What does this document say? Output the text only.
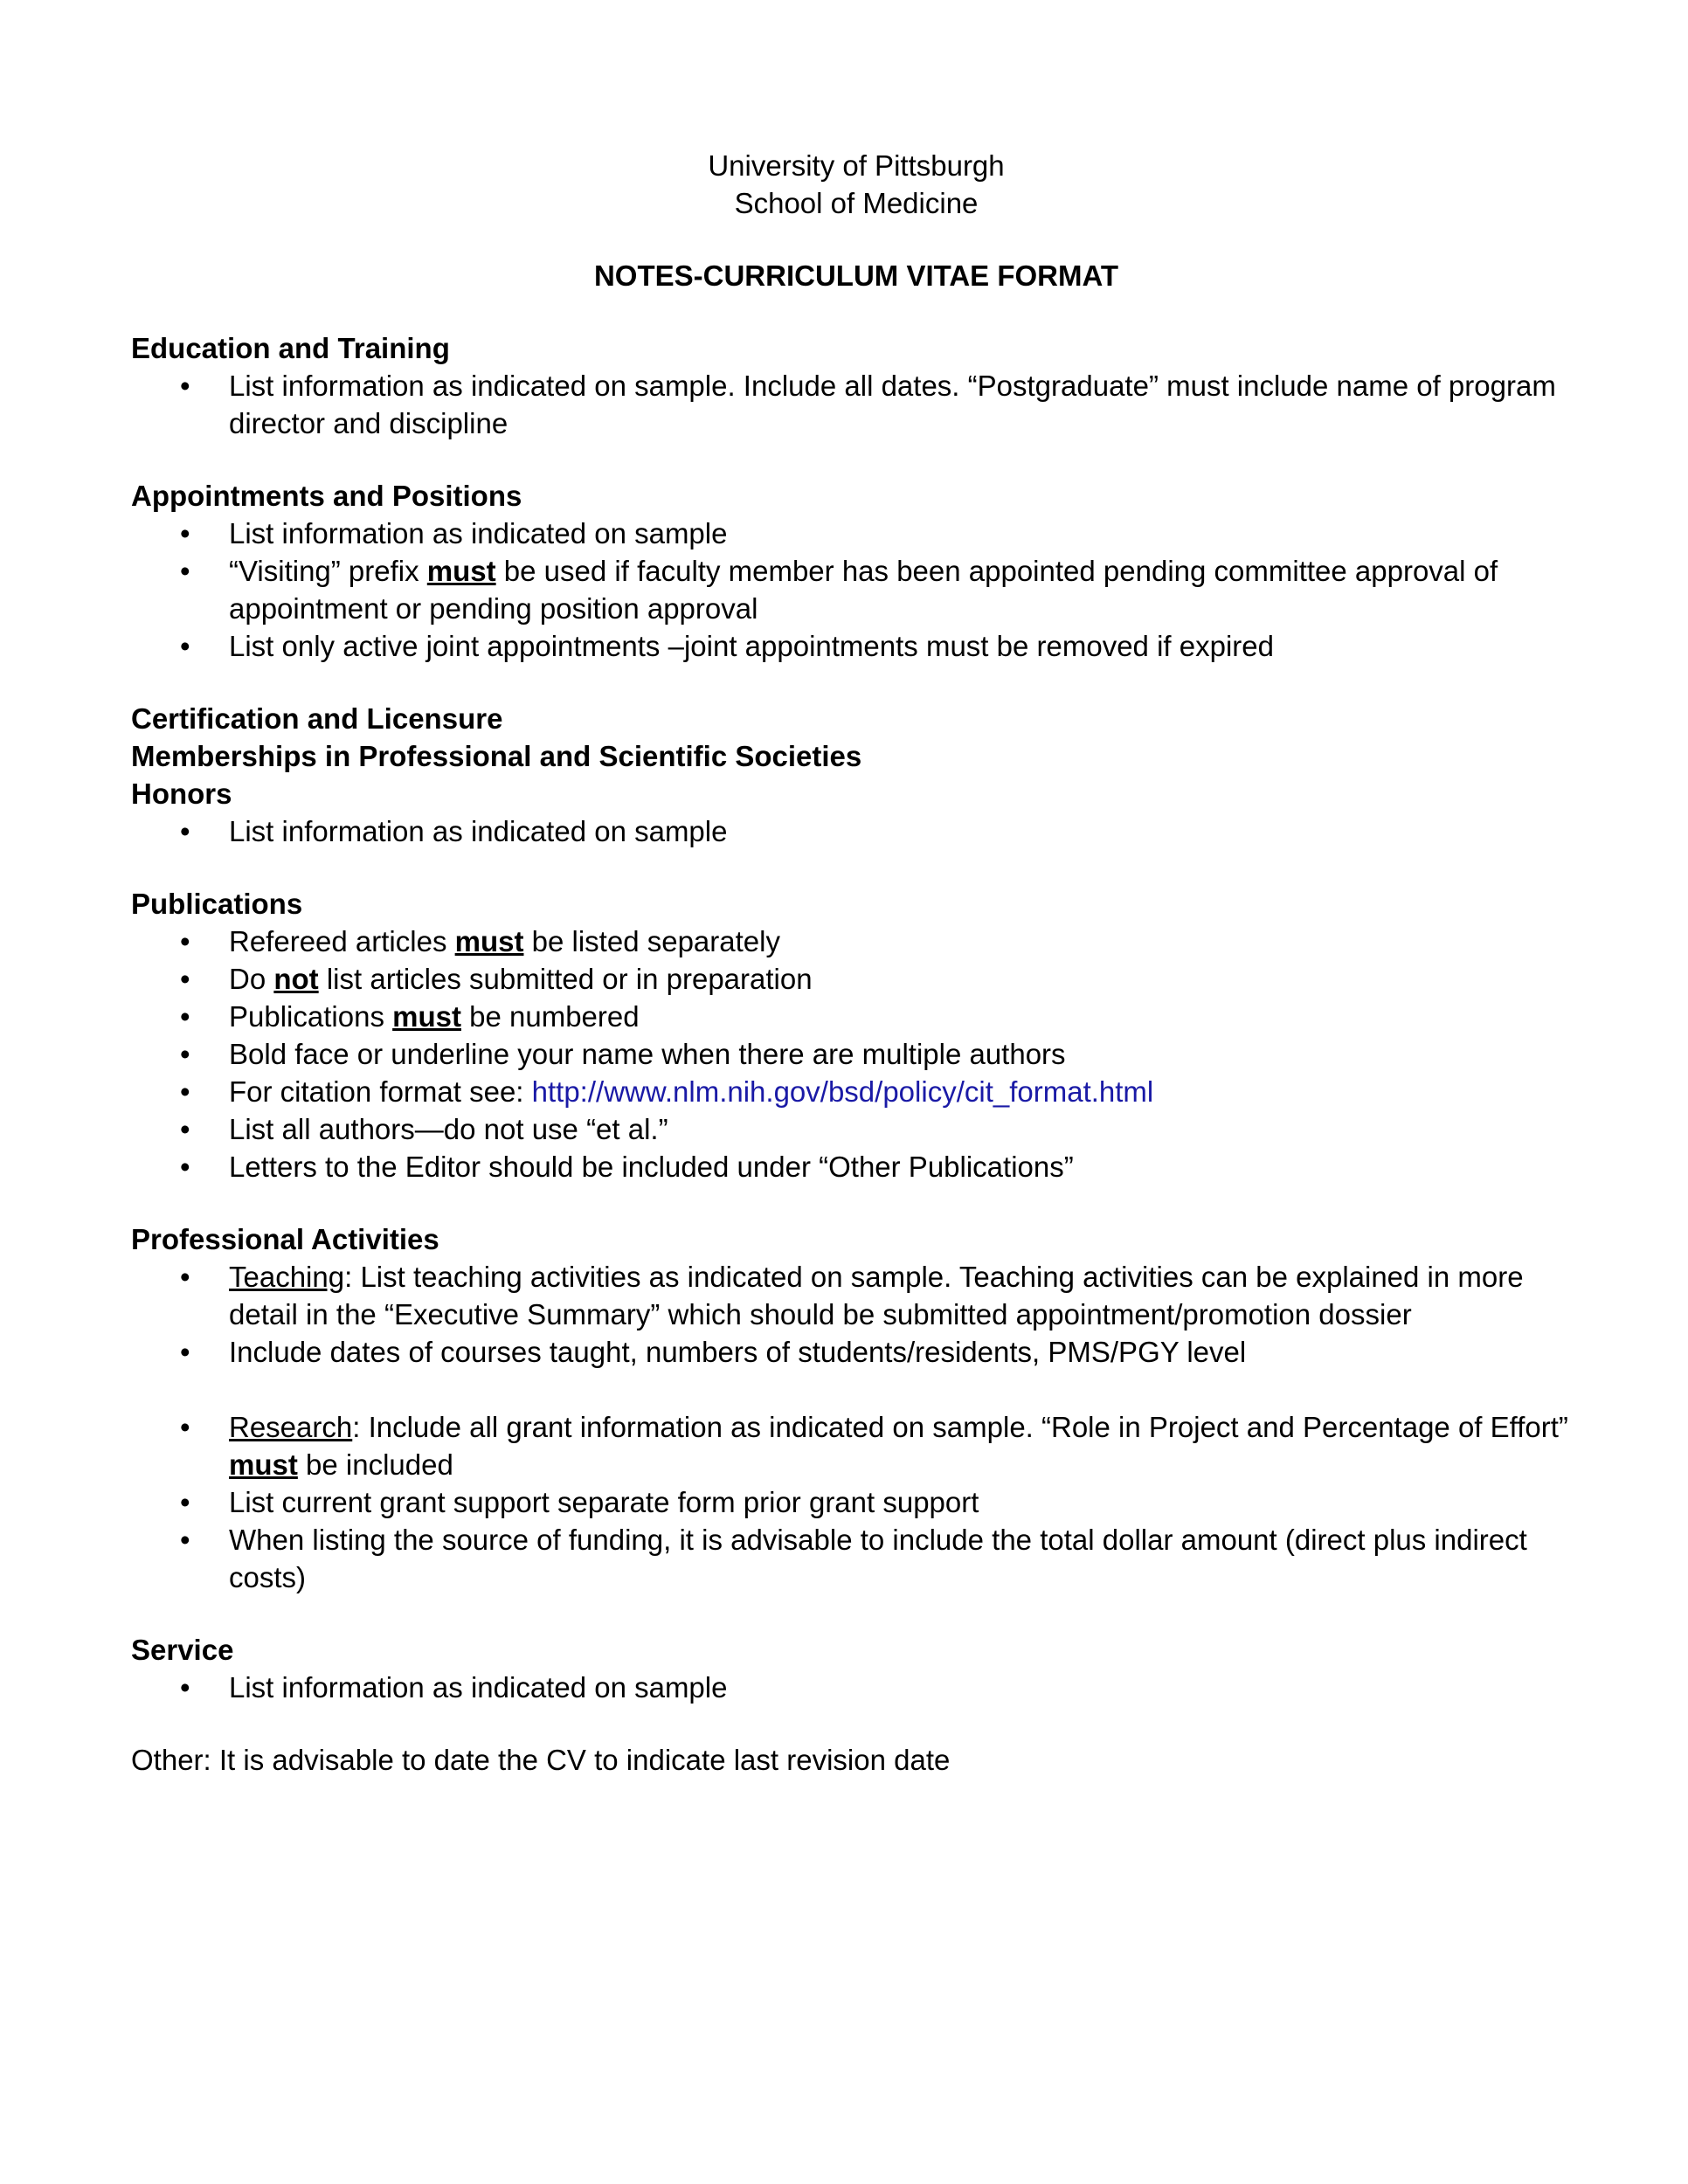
University of Pittsburgh
School of Medicine
NOTES-CURRICULUM VITAE FORMAT
Education and Training
• List information as indicated on sample. Include all dates. “Postgraduate” must include name of program director and discipline
Appointments and Positions
• List information as indicated on sample
• “Visiting” prefix must be used if faculty member has been appointed pending committee approval of appointment or pending position approval
• List only active joint appointments –joint appointments must be removed if expired
Certification and Licensure
Memberships in Professional and Scientific Societies
Honors
• List information as indicated on sample
Publications
• Refereed articles must be listed separately
• Do not list articles submitted or in preparation
• Publications must be numbered
• Bold face or underline your name when there are multiple authors
• For citation format see: http://www.nlm.nih.gov/bsd/policy/cit_format.html
• List all authors—do not use “et al.”
• Letters to the Editor should be included under “Other Publications”
Professional Activities
• Teaching: List teaching activities as indicated on sample. Teaching activities can be explained in more detail in the “Executive Summary” which should be submitted appointment/promotion dossier
• Include dates of courses taught, numbers of students/residents, PMS/PGY level
• Research: Include all grant information as indicated on sample. “Role in Project and Percentage of Effort” must be included
• List current grant support separate form prior grant support
• When listing the source of funding, it is advisable to include the total dollar amount (direct plus indirect costs)
Service
• List information as indicated on sample
Other: It is advisable to date the CV to indicate last revision date
